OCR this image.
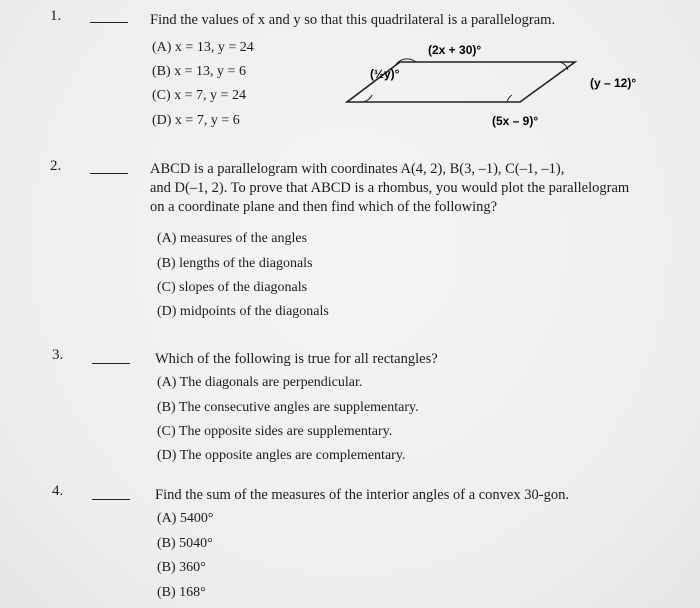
1.	Find the values of x and y so that this quadrilateral is a parallelogram.
(A) x = 13, y = 24
(B) x = 13, y = 6
(C) x = 7, y = 24
(D) x = 7, y = 6
(2x + 30)°
(½y)°
(y – 12)°
(5x – 9)°
2.	ABCD is a parallelogram with coordinates A(4, 2), B(3, –1), C(–1, –1),
and D(–1, 2). To prove that ABCD is a rhombus, you would plot the parallelogram
on a coordinate plane and then find which of the following?
(A) measures of the angles
(B) lengths of the diagonals
(C) slopes of the diagonals
(D) midpoints of the diagonals
3.	Which of the following is true for all rectangles?
(A) The diagonals are perpendicular.
(B) The consecutive angles are supplementary.
(C) The opposite sides are supplementary.
(D) The opposite angles are complementary.
4.	Find the sum of the measures of the interior angles of a convex 30-gon.
(A) 5400°
(B) 5040°
(B) 360°
(B) 168°
